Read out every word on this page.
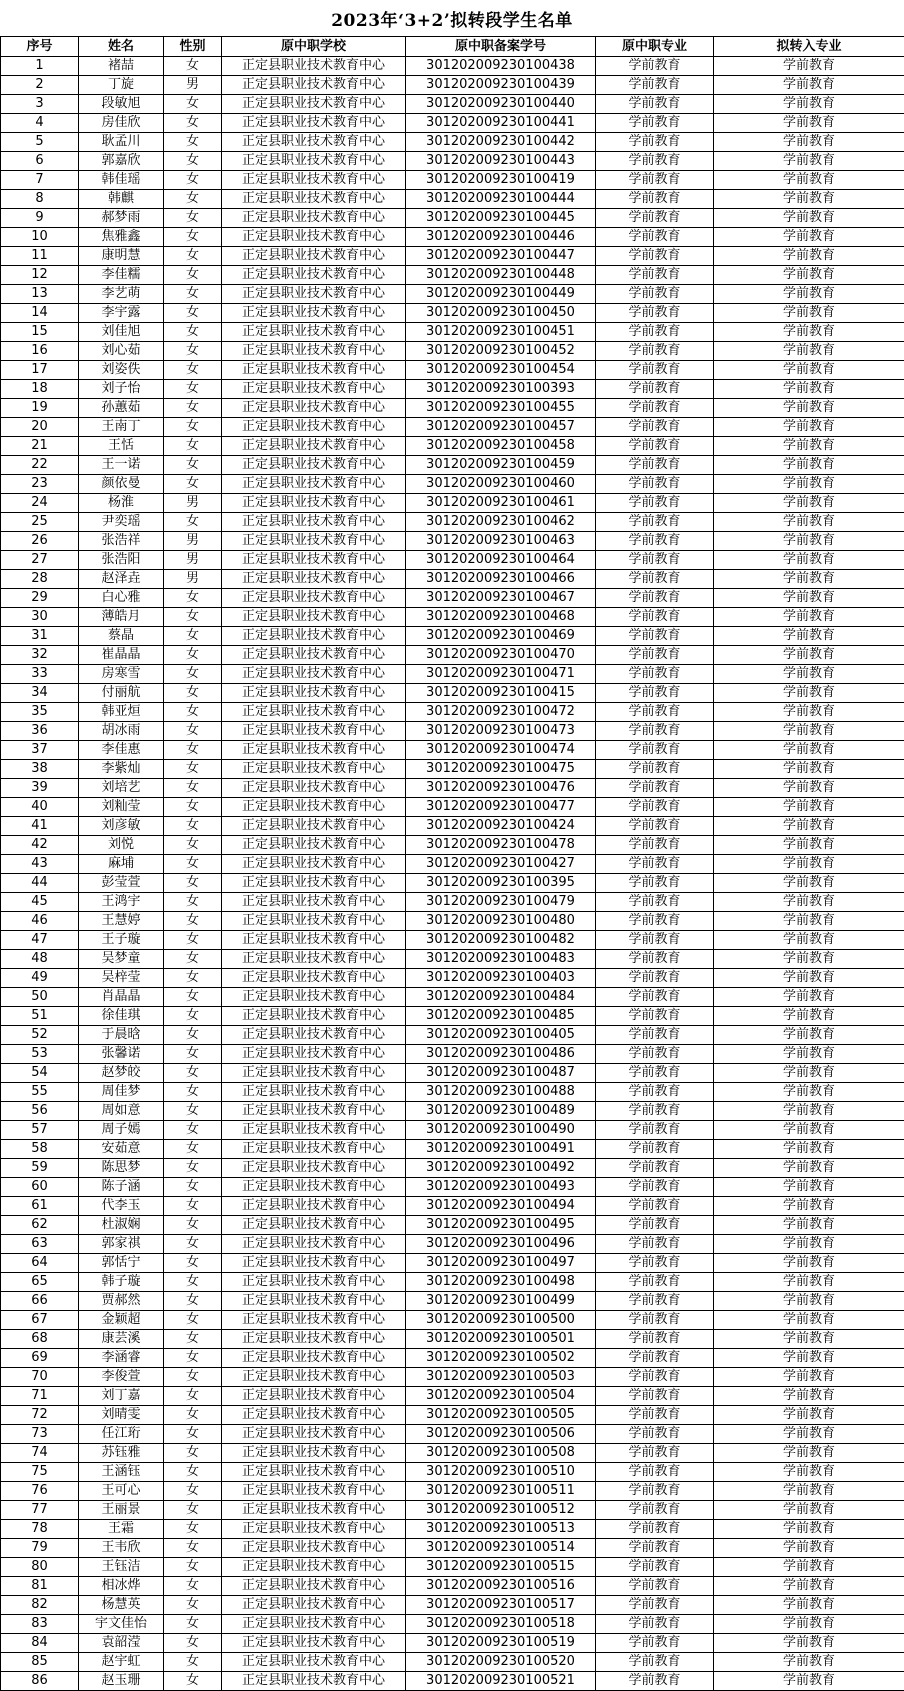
2023年‘3+2’拟转段学生名单
序号	姓名	性别	原中职学校	原中职备案学号	原中职专业	拟转入专业
1	褚喆	女	正定县职业技术教育中心	301202009230100438	学前教育	学前教育
2	丁旋	男	正定县职业技术教育中心	301202009230100439	学前教育	学前教育
3	段敏旭	女	正定县职业技术教育中心	301202009230100440	学前教育	学前教育
4	房佳欣	女	正定县职业技术教育中心	301202009230100441	学前教育	学前教育
5	耿孟川	女	正定县职业技术教育中心	301202009230100442	学前教育	学前教育
6	郭嘉欣	女	正定县职业技术教育中心	301202009230100443	学前教育	学前教育
7	韩佳瑶	女	正定县职业技术教育中心	301202009230100419	学前教育	学前教育
8	韩麒	女	正定县职业技术教育中心	301202009230100444	学前教育	学前教育
9	郝梦雨	女	正定县职业技术教育中心	301202009230100445	学前教育	学前教育
10	焦雅鑫	女	正定县职业技术教育中心	301202009230100446	学前教育	学前教育
11	康明慧	女	正定县职业技术教育中心	301202009230100447	学前教育	学前教育
12	李佳糯	女	正定县职业技术教育中心	301202009230100448	学前教育	学前教育
13	李艺萌	女	正定县职业技术教育中心	301202009230100449	学前教育	学前教育
14	李宇露	女	正定县职业技术教育中心	301202009230100450	学前教育	学前教育
15	刘佳旭	女	正定县职业技术教育中心	301202009230100451	学前教育	学前教育
16	刘心茹	女	正定县职业技术教育中心	301202009230100452	学前教育	学前教育
17	刘姿佚	女	正定县职业技术教育中心	301202009230100454	学前教育	学前教育
18	刘子怡	女	正定县职业技术教育中心	301202009230100393	学前教育	学前教育
19	孙蕙茹	女	正定县职业技术教育中心	301202009230100455	学前教育	学前教育
20	王南丁	女	正定县职业技术教育中心	301202009230100457	学前教育	学前教育
21	王恬	女	正定县职业技术教育中心	301202009230100458	学前教育	学前教育
22	王一诺	女	正定县职业技术教育中心	301202009230100459	学前教育	学前教育
23	颜依曼	女	正定县职业技术教育中心	301202009230100460	学前教育	学前教育
24	杨淮	男	正定县职业技术教育中心	301202009230100461	学前教育	学前教育
25	尹奕瑶	女	正定县职业技术教育中心	301202009230100462	学前教育	学前教育
26	张浩祥	男	正定县职业技术教育中心	301202009230100463	学前教育	学前教育
27	张浩阳	男	正定县职业技术教育中心	301202009230100464	学前教育	学前教育
28	赵泽垚	男	正定县职业技术教育中心	301202009230100466	学前教育	学前教育
29	白心雅	女	正定县职业技术教育中心	301202009230100467	学前教育	学前教育
30	薄皓月	女	正定县职业技术教育中心	301202009230100468	学前教育	学前教育
31	蔡晶	女	正定县职业技术教育中心	301202009230100469	学前教育	学前教育
32	崔晶晶	女	正定县职业技术教育中心	301202009230100470	学前教育	学前教育
33	房寒雪	女	正定县职业技术教育中心	301202009230100471	学前教育	学前教育
34	付丽航	女	正定县职业技术教育中心	301202009230100415	学前教育	学前教育
35	韩亚烜	女	正定县职业技术教育中心	301202009230100472	学前教育	学前教育
36	胡冰雨	女	正定县职业技术教育中心	301202009230100473	学前教育	学前教育
37	李佳惠	女	正定县职业技术教育中心	301202009230100474	学前教育	学前教育
38	李紫灿	女	正定县职业技术教育中心	301202009230100475	学前教育	学前教育
39	刘培艺	女	正定县职业技术教育中心	301202009230100476	学前教育	学前教育
40	刘籼莹	女	正定县职业技术教育中心	301202009230100477	学前教育	学前教育
41	刘彦敏	女	正定县职业技术教育中心	301202009230100424	学前教育	学前教育
42	刘悦	女	正定县职业技术教育中心	301202009230100478	学前教育	学前教育
43	麻埔	女	正定县职业技术教育中心	301202009230100427	学前教育	学前教育
44	彭莹萱	女	正定县职业技术教育中心	301202009230100395	学前教育	学前教育
45	王鸿宇	女	正定县职业技术教育中心	301202009230100479	学前教育	学前教育
46	王慧婷	女	正定县职业技术教育中心	301202009230100480	学前教育	学前教育
47	王子璇	女	正定县职业技术教育中心	301202009230100482	学前教育	学前教育
48	吴梦童	女	正定县职业技术教育中心	301202009230100483	学前教育	学前教育
49	吴梓莹	女	正定县职业技术教育中心	301202009230100403	学前教育	学前教育
50	肖晶晶	女	正定县职业技术教育中心	301202009230100484	学前教育	学前教育
51	徐佳琪	女	正定县职业技术教育中心	301202009230100485	学前教育	学前教育
52	于晨晗	女	正定县职业技术教育中心	301202009230100405	学前教育	学前教育
53	张馨诺	女	正定县职业技术教育中心	301202009230100486	学前教育	学前教育
54	赵梦皎	女	正定县职业技术教育中心	301202009230100487	学前教育	学前教育
55	周佳梦	女	正定县职业技术教育中心	301202009230100488	学前教育	学前教育
56	周如意	女	正定县职业技术教育中心	301202009230100489	学前教育	学前教育
57	周子嫣	女	正定县职业技术教育中心	301202009230100490	学前教育	学前教育
58	安茹意	女	正定县职业技术教育中心	301202009230100491	学前教育	学前教育
59	陈思梦	女	正定县职业技术教育中心	301202009230100492	学前教育	学前教育
60	陈子涵	女	正定县职业技术教育中心	301202009230100493	学前教育	学前教育
61	代李玉	女	正定县职业技术教育中心	301202009230100494	学前教育	学前教育
62	杜淑娴	女	正定县职业技术教育中心	301202009230100495	学前教育	学前教育
63	郭家祺	女	正定县职业技术教育中心	301202009230100496	学前教育	学前教育
64	郭恬宁	女	正定县职业技术教育中心	301202009230100497	学前教育	学前教育
65	韩子璇	女	正定县职业技术教育中心	301202009230100498	学前教育	学前教育
66	贾郝然	女	正定县职业技术教育中心	301202009230100499	学前教育	学前教育
67	金颖超	女	正定县职业技术教育中心	301202009230100500	学前教育	学前教育
68	康芸溪	女	正定县职业技术教育中心	301202009230100501	学前教育	学前教育
69	李涵睿	女	正定县职业技术教育中心	301202009230100502	学前教育	学前教育
70	李俊萱	女	正定县职业技术教育中心	301202009230100503	学前教育	学前教育
71	刘丁嘉	女	正定县职业技术教育中心	301202009230100504	学前教育	学前教育
72	刘晴雯	女	正定县职业技术教育中心	301202009230100505	学前教育	学前教育
73	任江珩	女	正定县职业技术教育中心	301202009230100506	学前教育	学前教育
74	苏钰雅	女	正定县职业技术教育中心	301202009230100508	学前教育	学前教育
75	王涵钰	女	正定县职业技术教育中心	301202009230100510	学前教育	学前教育
76	王可心	女	正定县职业技术教育中心	301202009230100511	学前教育	学前教育
77	王丽景	女	正定县职业技术教育中心	301202009230100512	学前教育	学前教育
78	王霜	女	正定县职业技术教育中心	301202009230100513	学前教育	学前教育
79	王韦欣	女	正定县职业技术教育中心	301202009230100514	学前教育	学前教育
80	王钰洁	女	正定县职业技术教育中心	301202009230100515	学前教育	学前教育
81	相冰烨	女	正定县职业技术教育中心	301202009230100516	学前教育	学前教育
82	杨慧英	女	正定县职业技术教育中心	301202009230100517	学前教育	学前教育
83	宇文佳怡	女	正定县职业技术教育中心	301202009230100518	学前教育	学前教育
84	袁韶滢	女	正定县职业技术教育中心	301202009230100519	学前教育	学前教育
85	赵宇虹	女	正定县职业技术教育中心	301202009230100520	学前教育	学前教育
86	赵玉珊	女	正定县职业技术教育中心	301202009230100521	学前教育	学前教育
